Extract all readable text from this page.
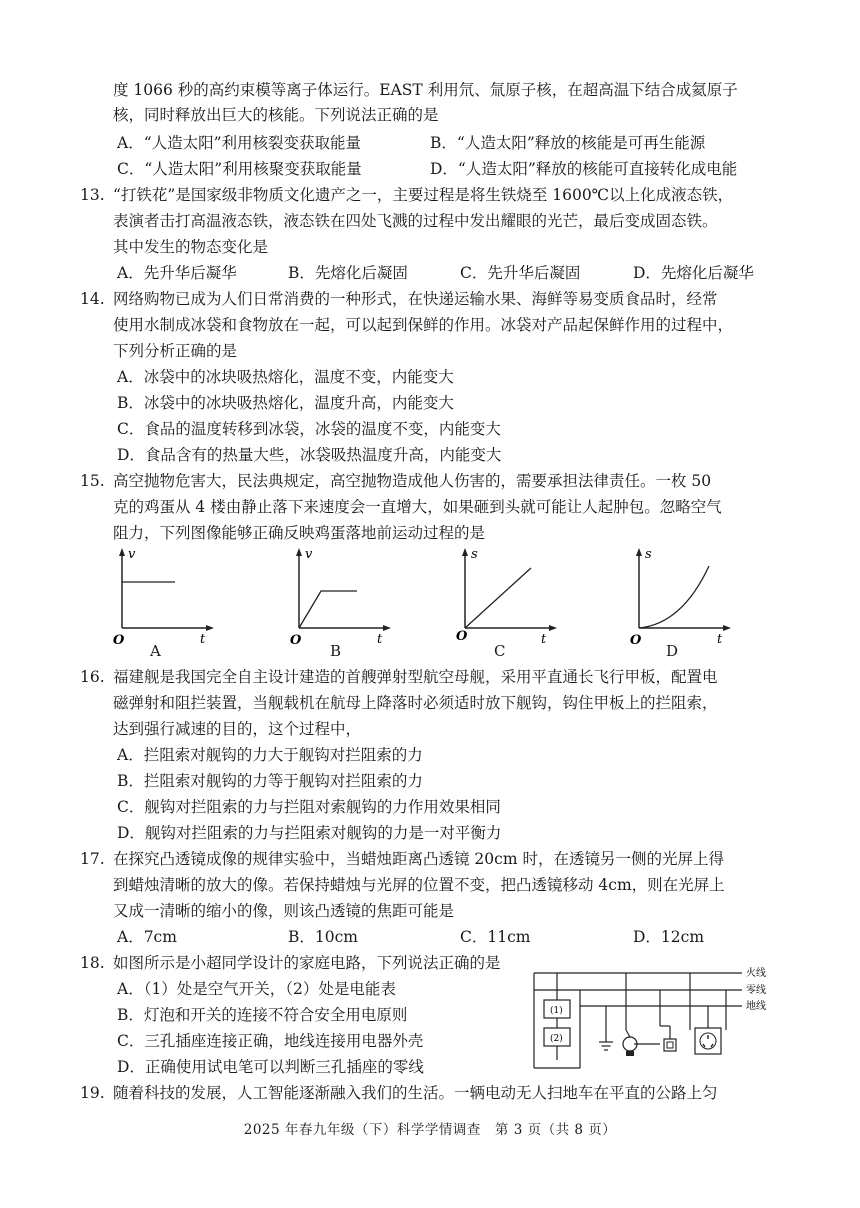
度 1066 秒的高约束模等离子体运行。EAST 利用氘、氚原子核，在超高温下结合成氦原子
核，同时释放出巨大的核能。下列说法正确的是
A．“人造太阳”利用核裂变获取能量	B．“人造太阳”释放的核能是可再生能源
C．“人造太阳”利用核聚变获取能量	D．“人造太阳”释放的核能可直接转化成电能
13. “打铁花”是国家级非物质文化遗产之一，主要过程是将生铁烧至 1600℃以上化成液态铁，
表演者击打高温液态铁，液态铁在四处飞溅的过程中发出耀眼的光芒，最后变成固态铁。
其中发生的物态变化是
A．先升华后凝华	B．先熔化后凝固	C．先升华后凝固	D．先熔化后凝华
14. 网络购物已成为人们日常消费的一种形式，在快递运输水果、海鲜等易变质食品时，经常
使用水制成冰袋和食物放在一起，可以起到保鲜的作用。冰袋对产品起保鲜作用的过程中，
下列分析正确的是
A．冰袋中的冰块吸热熔化，温度不变，内能变大
B．冰袋中的冰块吸热熔化，温度升高，内能变大
C．食品的温度转移到冰袋，冰袋的温度不变，内能变大
D．食品含有的热量大些，冰袋吸热温度升高，内能变大
15. 高空抛物危害大，民法典规定，高空抛物造成他人伤害的，需要承担法律责任。一枚 50
克的鸡蛋从 4 楼由静止落下来速度会一直增大，如果砸到头就可能让人起肿包。忽略空气
阻力，下列图像能够正确反映鸡蛋落地前运动过程的是
v
O	t
A
v
O	t
B
s
O	t
C
s
O	t
D
16. 福建舰是我国完全自主设计建造的首艘弹射型航空母舰，采用平直通长飞行甲板，配置电
磁弹射和阻拦装置，当舰载机在航母上降落时必须适时放下舰钩，钩住甲板上的拦阻索，
达到强行减速的目的，这个过程中，
A．拦阻索对舰钩的力大于舰钩对拦阻索的力
B．拦阻索对舰钩的力等于舰钩对拦阻索的力
C．舰钩对拦阻索的力与拦阻对索舰钩的力作用效果相同
D．舰钩对拦阻索的力与拦阻索对舰钩的力是一对平衡力
17. 在探究凸透镜成像的规律实验中，当蜡烛距离凸透镜 20cm 时，在透镜另一侧的光屏上得
到蜡烛清晰的放大的像。若保持蜡烛与光屏的位置不变，把凸透镜移动 4cm，则在光屏上
又成一清晰的缩小的像，则该凸透镜的焦距可能是
A．7cm	B．10cm	C．11cm	D．12cm
18. 如图所示是小超同学设计的家庭电路，下列说法正确的是
A．（1）处是空气开关，（2）处是电能表
B．灯泡和开关的连接不符合安全用电原则
C．三孔插座连接正确，地线连接用电器外壳
D．正确使用试电笔可以判断三孔插座的零线
火线
零线
地线
(1)
(2)
19. 随着科技的发展，人工智能逐渐融入我们的生活。一辆电动无人扫地车在平直的公路上匀
2025 年春九年级（下）科学学情调查　第 3 页（共 8 页）
